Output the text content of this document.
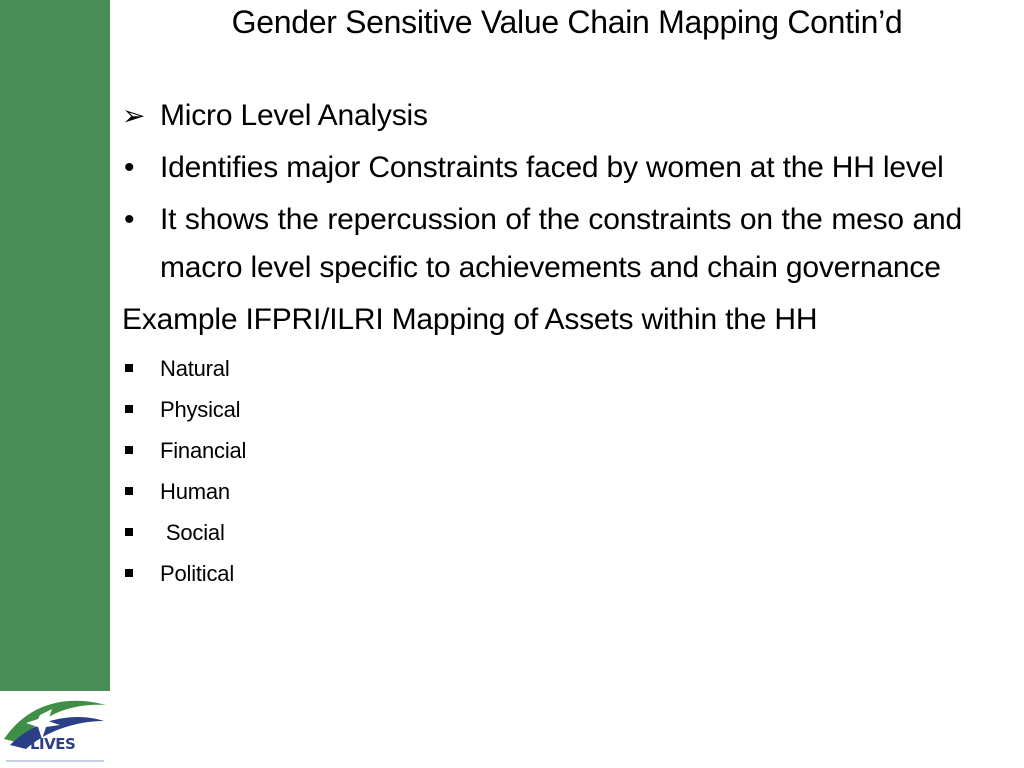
LIVES
Gender Sensitive Value Chain Mapping Contin’d
➢ Micro Level Analysis
• Identifies major Constraints faced by women at the HH level
• It shows the repercussion of the constraints on the meso and macro level specific to achievements and chain governance
Example IFPRI/ILRI Mapping of Assets within the HH
Natural
Physical
Financial
Human
Social
Political
